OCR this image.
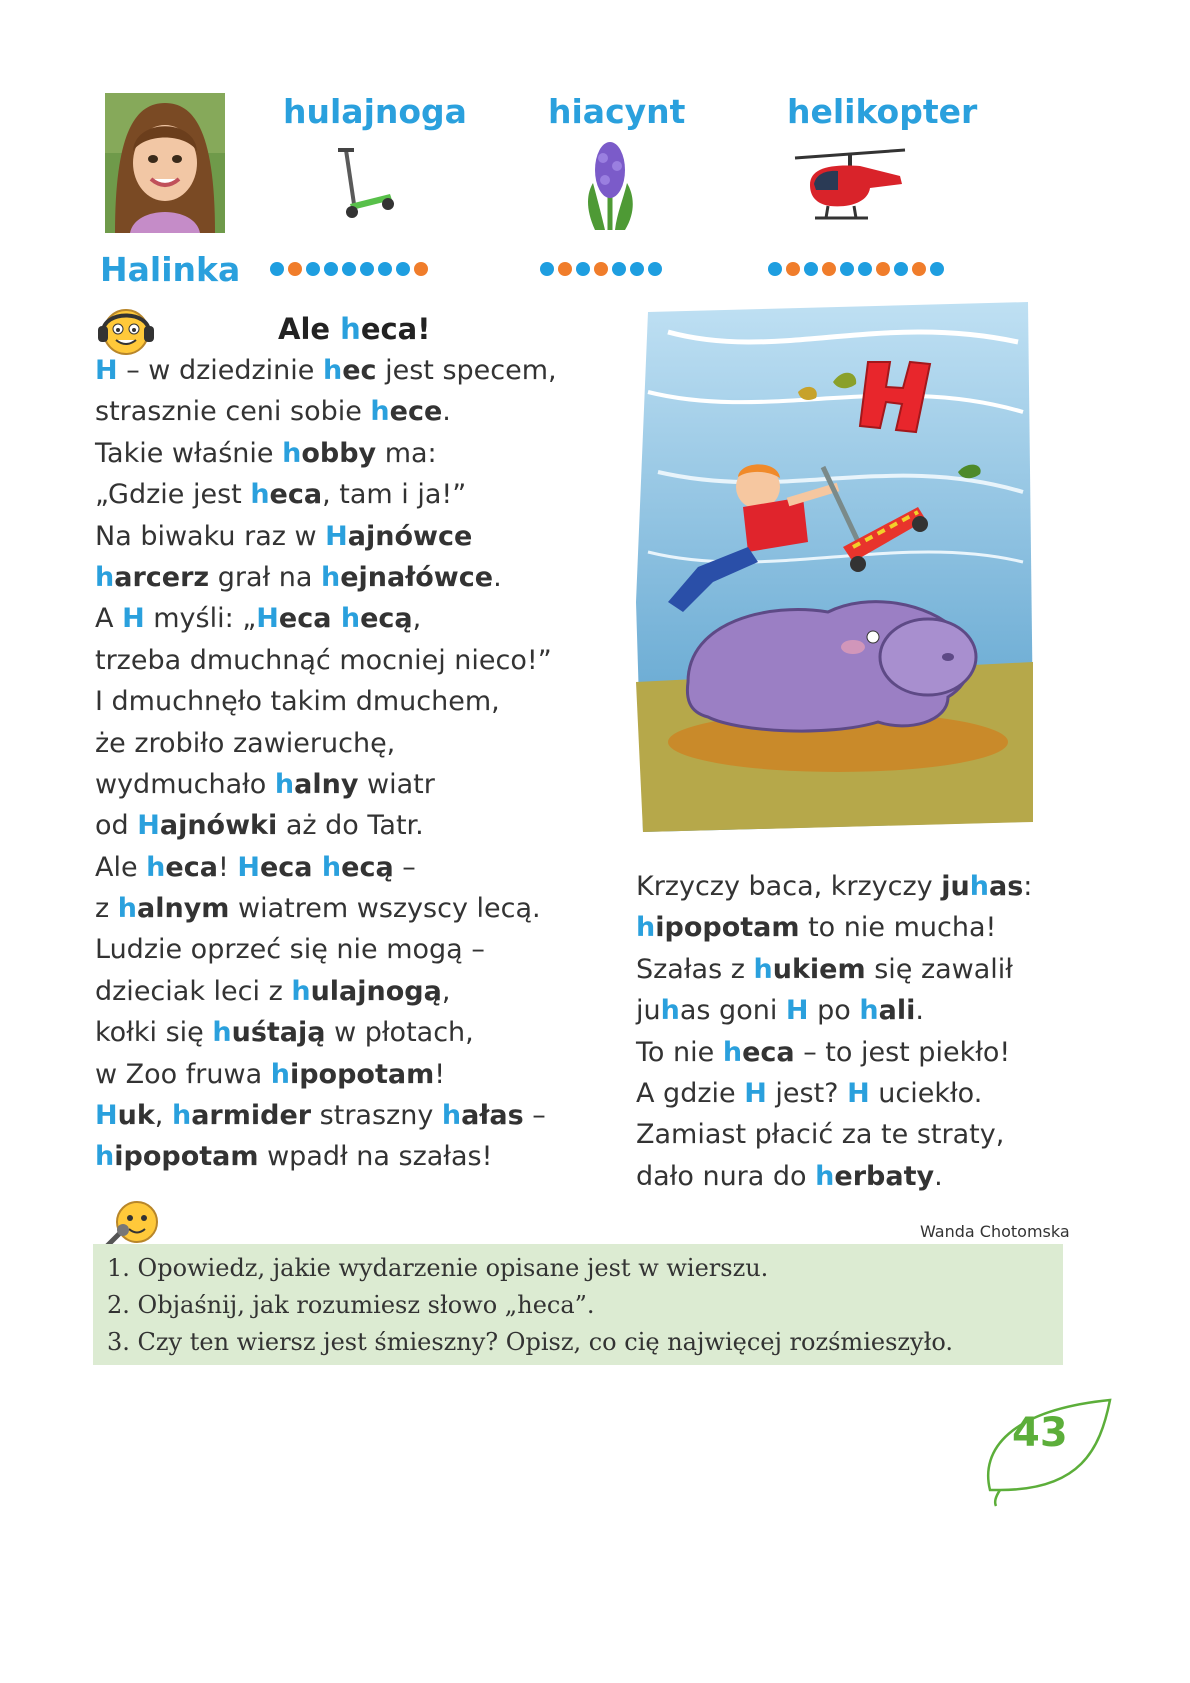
hulajnoga hiacynt	helikopter
Halinka
Ale heca!
H – w dziedzinie hec jest specem,
strasznie ceni sobie hece.
Takie właśnie hobby ma:
„Gdzie jest heca, tam i ja!”
Na biwaku raz w Hajnówce
harcerz grał na hejnałówce.
A H myśli: „Heca hecą,
trzeba dmuchnąć mocniej nieco!”
I dmuchnęło takim dmuchem,
że zrobiło zawieruchę,
wydmuchało halny wiatr
od Hajnówki aż do Tatr.
Ale heca! Heca hecą –
z halnym wiatrem wszyscy lecą.
Ludzie oprzeć się nie mogą –
dzieciak leci z hulajnogą,
kołki się huśtają w płotach,
w Zoo fruwa hipopotam!
Huk, harmider straszny hałas –
hipopotam wpadł na szałas!
Krzyczy baca, krzyczy juhas:
hipopotam to nie mucha!
Szałas z hukiem się zawalił
juhas goni H po hali.
To nie heca – to jest piekło!
A gdzie H jest? H uciekło.
Zamiast płacić za te straty,
dało nura do herbaty.
Wanda Chotomska
1. Opowiedz, jakie wydarzenie opisane jest w wierszu.
2. Objaśnij, jak rozumiesz słowo „heca”.
3. Czy ten wiersz jest śmieszny? Opisz, co cię najwięcej rozśmieszyło.
43
